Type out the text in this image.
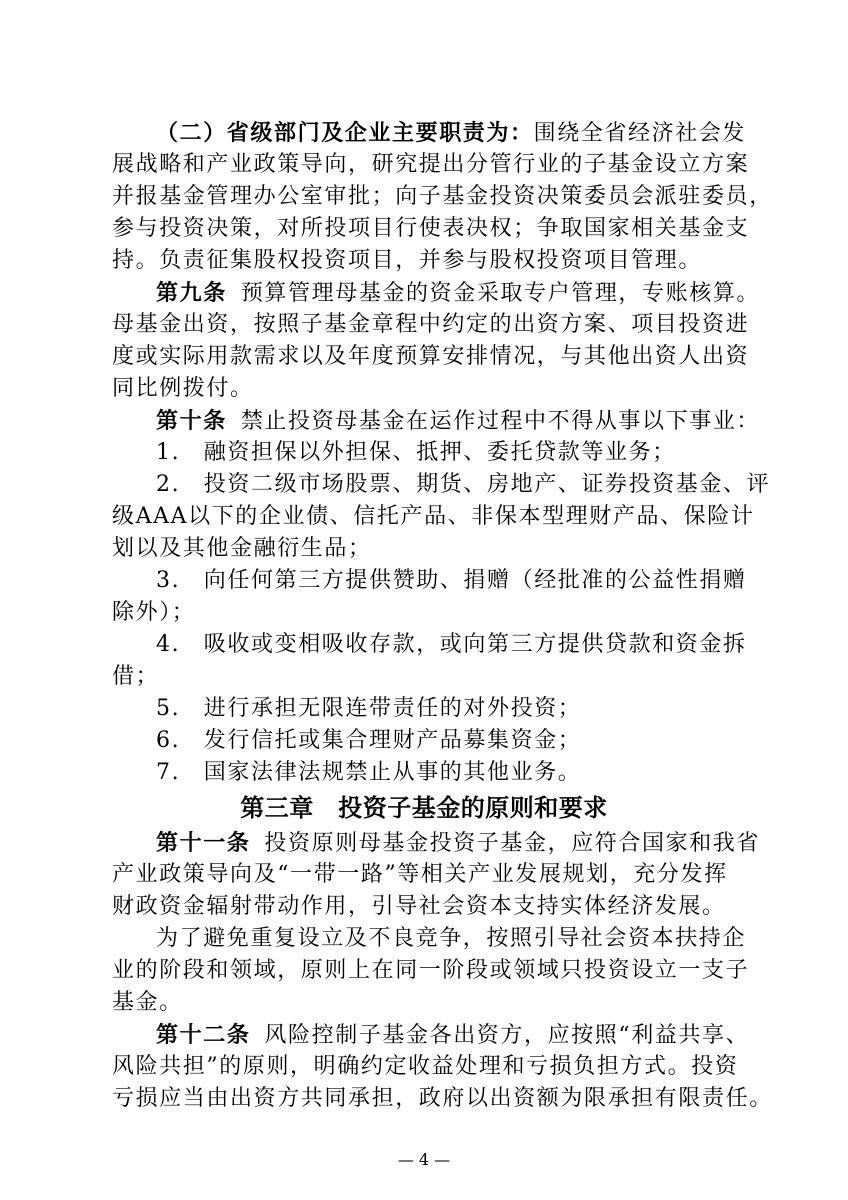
（二）省级部门及企业主要职责为：围绕全省经济社会发
展战略和产业政策导向，研究提出分管行业的子基金设立方案
并报基金管理办公室审批；向子基金投资决策委员会派驻委员，
参与投资决策，对所投项目行使表决权；争取国家相关基金支
持。负责征集股权投资项目，并参与股权投资项目管理。
第九条 预算管理母基金的资金采取专户管理，专账核算。
母基金出资，按照子基金章程中约定的出资方案、项目投资进
度或实际用款需求以及年度预算安排情况，与其他出资人出资
同比例拨付。
第十条 禁止投资母基金在运作过程中不得从事以下事业：
1.　融资担保以外担保、抵押、委托贷款等业务；
2.　投资二级市场股票、期货、房地产、证券投资基金、评
级AAA以下的企业债、信托产品、非保本型理财产品、保险计
划以及其他金融衍生品；
3.　向任何第三方提供赞助、捐赠（经批准的公益性捐赠
除外）；
4.　吸收或变相吸收存款，或向第三方提供贷款和资金拆
借；
5.　进行承担无限连带责任的对外投资；
6.　发行信托或集合理财产品募集资金；
7.　国家法律法规禁止从事的其他业务。
第三章　投资子基金的原则和要求
第十一条 投资原则母基金投资子基金，应符合国家和我省
产业政策导向及“一带一路”等相关产业发展规划，充分发挥
财政资金辐射带动作用，引导社会资本支持实体经济发展。
为了避免重复设立及不良竞争，按照引导社会资本扶持企
业的阶段和领域，原则上在同一阶段或领域只投资设立一支子
— 4 —
第十二条 风险控制子基金各出资方，应按照“利益共享、
风险共担”的原则，明确约定收益处理和亏损负担方式。投资
亏损应当由出资方共同承担，政府以出资额为限承担有限责任。
基金。
